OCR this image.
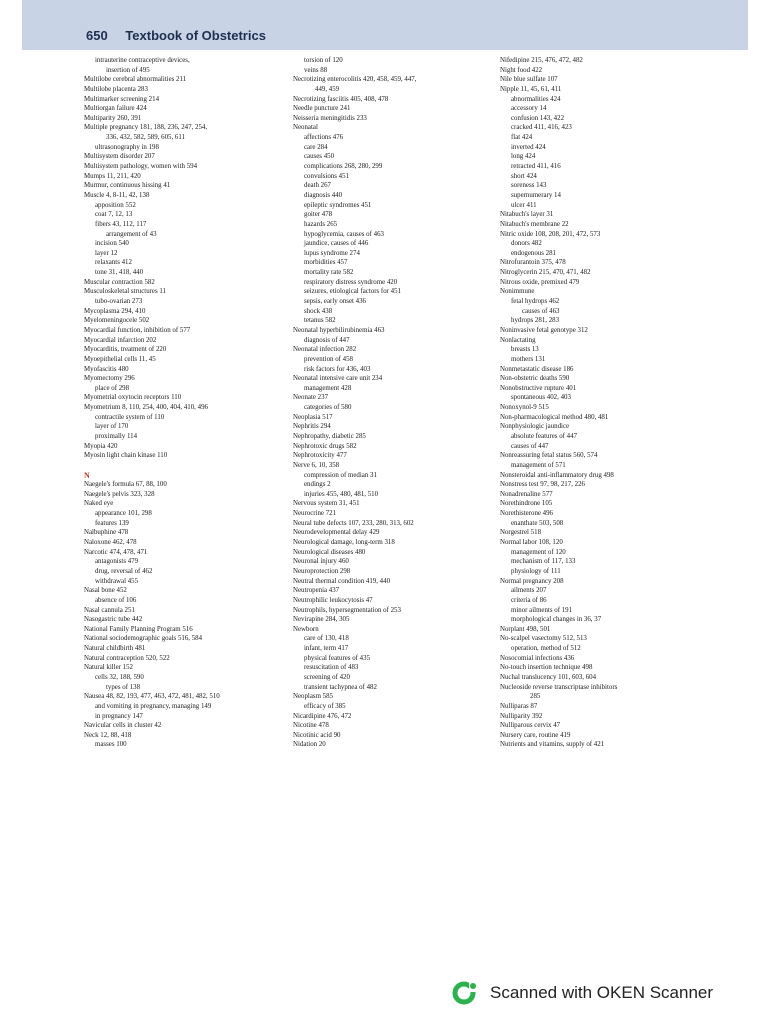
650 Textbook of Obstetrics
intrauterine contraceptive devices,
insertion of 495
Multilobe cerebral abnormalities 211
Multilobe placenta 283
Multimarker screening 214
Multiorgan failure 424
Multiparity 260, 391
Multiple pregnancy 181, 188, 236, 247, 254,
336, 432, 582, 589, 605, 611
ultrasonography in 198
Multisystem disorder 207
Multisystem pathology, women with 594
Mumps 11, 211, 420
Murmur, continuous hissing 41
Muscle 4, 8-11, 42, 138
apposition 552
coat 7, 12, 13
fibers 43, 112, 117
arrangement of 43
incision 540
layer 12
relaxants 412
tone 31, 418, 440
Muscular contraction 582
Musculoskeletal structures 11
tubo-ovarian 273
Mycoplasma 294, 410
Myelomeningocele 502
Myocardial function, inhibition of 577
Myocardial infarction 202
Myocarditis, treatment of 220
Myoepithelial cells 11, 45
Myofascitis 480
Myomectomy 296
place of 298
Myometrial oxytocin receptors 110
Myometrium 8, 110, 254, 400, 404, 410, 496
contractile system of 110
layer of 170
proximally 114
Myopia 420
Myosin light chain kinase 110
N
Naegele's formula 67, 88, 100
Naegele's pelvis 323, 328
Naked eye
appearance 101, 298
features 139
Nalbuphine 478
Naloxone 462, 478
Narcotic 474, 478, 471
antagonists 479
drug, reversal of 462
withdrawal 455
Nasal bone 452
absence of 106
Nasal cannula 251
Nasogastric tube 442
National Family Planning Program 516
National sociodemographic goals 516, 584
Natural childbirth 481
Natural contraception 520, 522
Natural killer 152
cells 32, 188, 590
types of 138
Nausea 48, 82, 193, 477, 463, 472, 481, 482, 510
and vomiting in pregnancy, managing 149
in pregnancy 147
Navicular cells in cluster 42
Neck 12, 88, 418
masses 100
torsion of 120
veins 88
Necrotizing enterocolitis 420, 458, 459, 447,
449, 459
Necrotizing fasciitis 405, 408, 478
Needle puncture 241
Neisseria meningitidis 233
Neonatal
affections 476
care 284
causes 450
complications 268, 280, 299
convulsions 451
death 267
diagnosis 440
epileptic syndromes 451
goiter 478
hazards 265
hypoglycemia, causes of 463
jaundice, causes of 446
lupus syndrome 274
morbidities 457
mortality rate 582
respiratory distress syndrome 420
seizures, etiological factors for 451
sepsis, early onset 436
shock 438
tetanus 582
Neonatal hyperbilirubinemia 463
diagnosis of 447
Neonatal infection 282
prevention of 458
risk factors for 436, 403
Neonatal intensive care unit 234
management 428
Neonate 237
categories of 580
Neoplasia 517
Nephritis 294
Nephropathy, diabetic 285
Nephrotoxic drugs 582
Nephrotoxicity 477
Nerve 6, 10, 358
compression of median 31
endings 2
injuries 455, 480, 481, 510
Nervous system 31, 451
Neurocrine 721
Neural tube defects 107, 233, 280, 313, 602
Neurodevelopmental delay 429
Neurological damage, long-term 318
Neurological diseases 480
Neuronal injury 460
Neuroprotection 298
Neutral thermal condition 419, 440
Neutropenia 437
Neutrophilic leukocytosis 47
Neutrophils, hypersegmentation of 253
Nevirapine 284, 305
Newborn
care of 130, 418
infant, term 417
physical features of 435
resuscitation of 483
screening of 420
transient tachypnea of 482
Neoplasm 585
efficacy of 385
Nicardipine 476, 472
Nicotine 478
Nicotinic acid 90
Nidation 20
Nifedipine 215, 476, 472, 482
Night food 422
Nile blue sulfate 107
Nipple 11, 45, 61, 411
abnormalities 424
accessory 14
confusion 143, 422
cracked 411, 416, 423
flat 424
inverted 424
long 424
retracted 411, 416
short 424
soreness 143
supernumerary 14
ulcer 411
Nitabuch's layer 31
Nitabuch's membrane 22
Nitric oxide 108, 208, 201, 472, 573
donors 482
endogenous 281
Nitrofurantoin 375, 478
Nitroglycerin 215, 470, 471, 482
Nitrous oxide, premixed 479
Nonimmune
fetal hydrops 462
causes of 463
hydrops 281, 283
Noninvasive fetal genotype 312
Nonlactating
breasts 13
mothers 131
Nonmetastatic disease 186
Non-obstetric deaths 590
Nonobstructive rupture 401
spontaneous 402, 403
Nonoxynol-9 515
Non-pharmacological method 480, 481
Nonphysiologic jaundice
absolute features of 447
causes of 447
Nonreassuring fetal status 560, 574
management of 571
Nonsteroidal anti-inflammatory drug 498
Nonstress test 97, 98, 217, 226
Nonadrenaline 577
Norethindrone 105
Norethisterone 496
enanthate 503, 508
Norgestrel 518
Normal labor 108, 120
management of 120
mechanism of 117, 133
physiology of 111
Normal pregnancy 208
ailments 207
criteria of 86
minor ailments of 191
morphological changes in 36, 37
Norplant 498, 501
No-scalpel vasectomy 512, 513
operation, method of 512
Nosocomial infections 436
No-touch insertion technique 498
Nuchal translucency 101, 603, 604
Nucleoside reverse transcriptase inhibitors
285
Nulliparas 87
Nulliparity 392
Nulliparous cervix 47
Nursery care, routine 419
Nutrients and vitamins, supply of 421
Scanned with OKEN Scanner
